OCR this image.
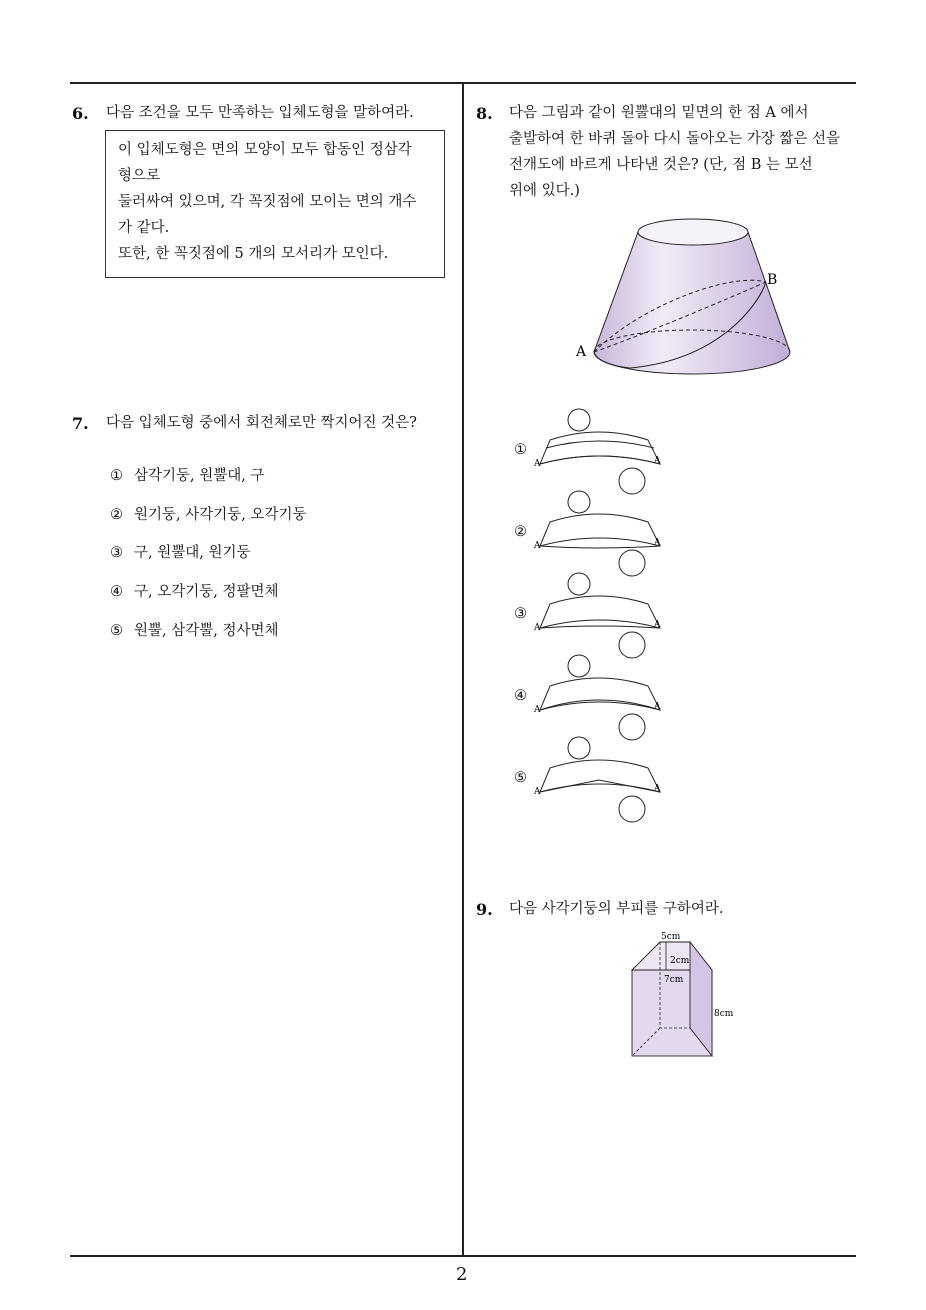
2
6. 다음 조건을 모두 만족하는 입체도형을 말하여라.
이 입체도형은 면의 모양이 모두 합동인 정삼각
형으로
둘러싸여 있으며, 각 꼭짓점에 모이는 면의 개수
가 같다.
또한, 한 꼭짓점에 5 개의 모서리가 모인다.
7. 다음 입체도형 중에서 회전체로만 짝지어진 것은?
① 삼각기둥, 원뿔대, 구
② 원기둥, 사각기둥, 오각기둥
③ 구, 원뿔대, 원기둥
④ 구, 오각기둥, 정팔면체
⑤ 원뿔, 삼각뿔, 정사면체
8. 다음 그림과 같이 원뿔대의 밑면의 한 점 A 에서
출발하여 한 바퀴 돌아 다시 돌아오는 가장 짧은 선을
전개도에 바르게 나타낸 것은? (단, 점 B 는 모선
위에 있다.)
A
B
①
A	A
②
A	A
③
A	A
④
A	A
⑤
A	A
9. 다음 사각기둥의 부피를 구하여라.
5cm
2cm
7cm
8cm
